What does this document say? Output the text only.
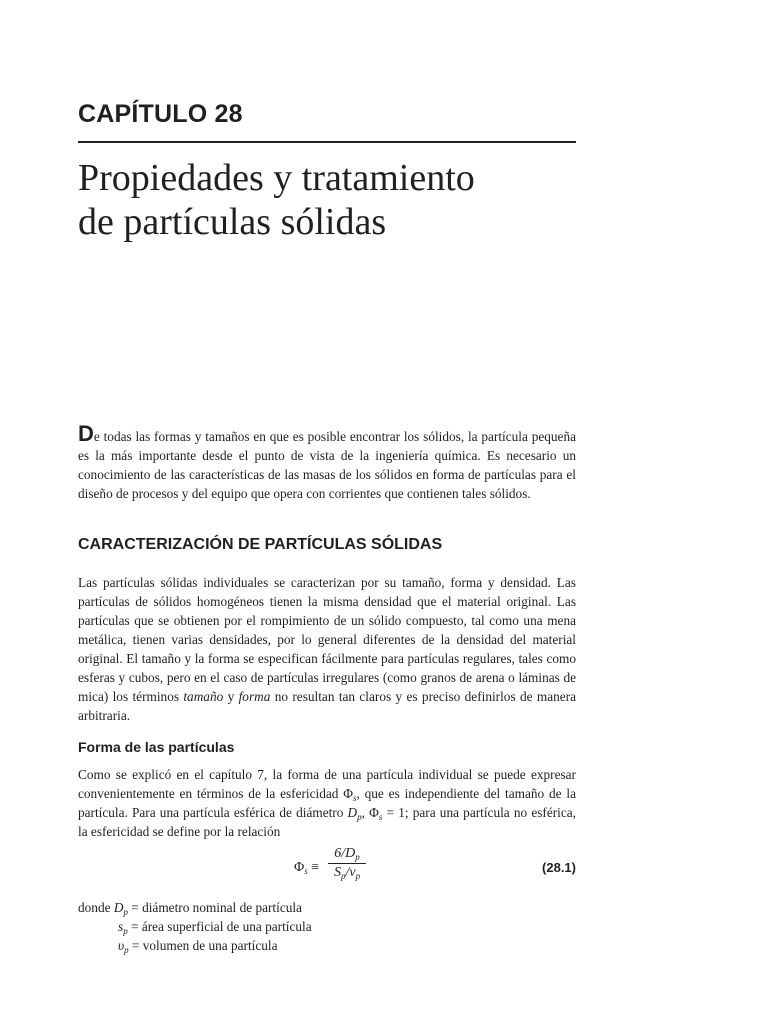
CAPÍTULO 28
Propiedades y tratamiento
de partículas sólidas

De todas las formas y tamaños en que es posible encontrar los sólidos, la partícula pequeña es la más importante desde el punto de vista de la ingeniería química. Es necesario un conocimiento de las características de las masas de los sólidos en forma de partículas para el diseño de procesos y del equipo que opera con corrientes que contienen tales sólidos.

CARACTERIZACIÓN DE PARTÍCULAS SÓLIDAS

Las partículas sólidas individuales se caracterizan por su tamaño, forma y densidad. Las partículas de sólidos homogéneos tienen la misma densidad que el material original. Las partículas que se obtienen por el rompimiento de un sólido compuesto, tal como una mena metálica, tienen varias densidades, por lo general diferentes de la densidad del material original. El tamaño y la forma se especifican fácilmente para partículas regulares, tales como esferas y cubos, pero en el caso de partículas irregulares (como granos de arena o láminas de mica) los términos tamaño y forma no resultan tan claros y es preciso definirlos de manera arbitraria.

Forma de las partículas

Como se explicó en el capítulo 7, la forma de una partícula individual se puede expresar convenientemente en términos de la esfericidad $\Phi_s$, que es independiente del tamaño de la partícula. Para una partícula esférica de diámetro $D_p$, $\Phi_s = 1$; para una partícula no esférica, la esfericidad se define por la relación

$\Phi_s$ ≡
$6/D_p$
$S_p/v_p$
(28.1)
donde $D_p$ = diámetro nominal de partícula
$s_p$ = área superficial de una partícula
$\upsilon_p$ = volumen de una partícula
